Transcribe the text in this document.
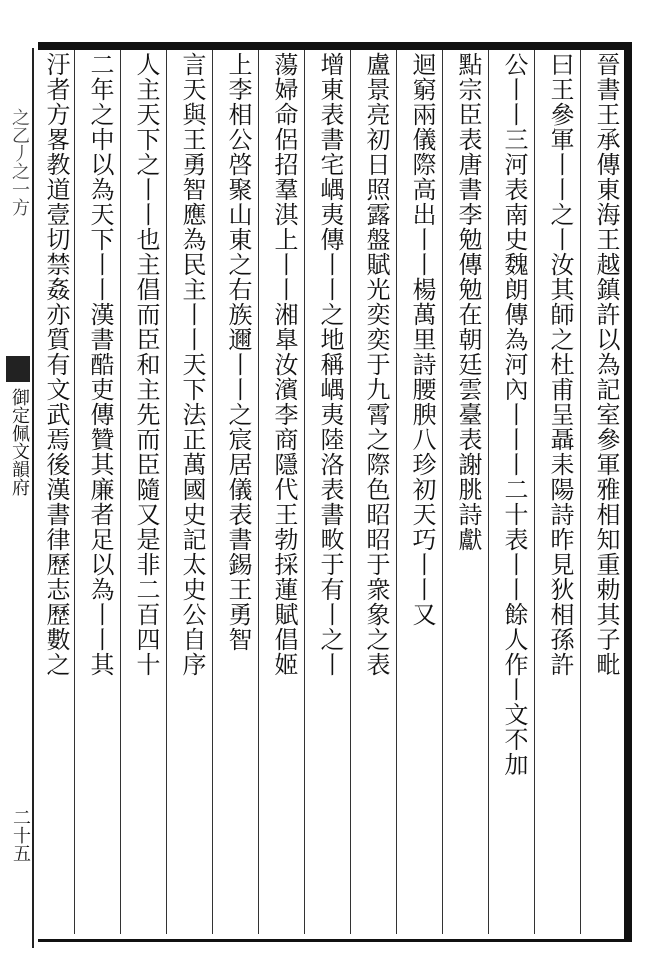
之乙丿之一方
御定佩文韻府
二十五
晉書王承傳東海王越鎮許以為記室參軍雅相知重勅其子毗
曰王參軍丨丨之丨汝其師之杜甫呈聶耒陽詩昨見狄相孫許
公丨丨三河表南史魏朗傳為河內丨丨丨二十表丨丨餘人作丨文不加
點宗臣表唐書李勉傳勉在朝廷雲臺表謝朓詩獻
迴窮兩儀際高出丨丨楊萬里詩腰腴八珍初天巧丨丨又
盧景亮初日照露盤賦光奕奕于九霄之際色昭昭于衆象之表
增東表書宅嵎夷傳丨丨之地稱嵎夷陸洛表書畋于有丨之丨
蕩婦命侶招羣淇上丨丨湘臯汝濱李商隱代王勃採蓮賦倡姬
上李相公啓聚山東之右族邇丨丨之宸居儀表書錫王勇智
言天與王勇智應為民主丨丨天下法正萬國史記太史公自序
人主天下之丨丨也主倡而臣和主先而臣隨又是非二百四十
二年之中以為天下丨丨漢書酷吏傳贊其廉者足以為丨丨其
汙者方畧教道壹切禁姦亦質有文武焉後漢書律歷志歷數之
